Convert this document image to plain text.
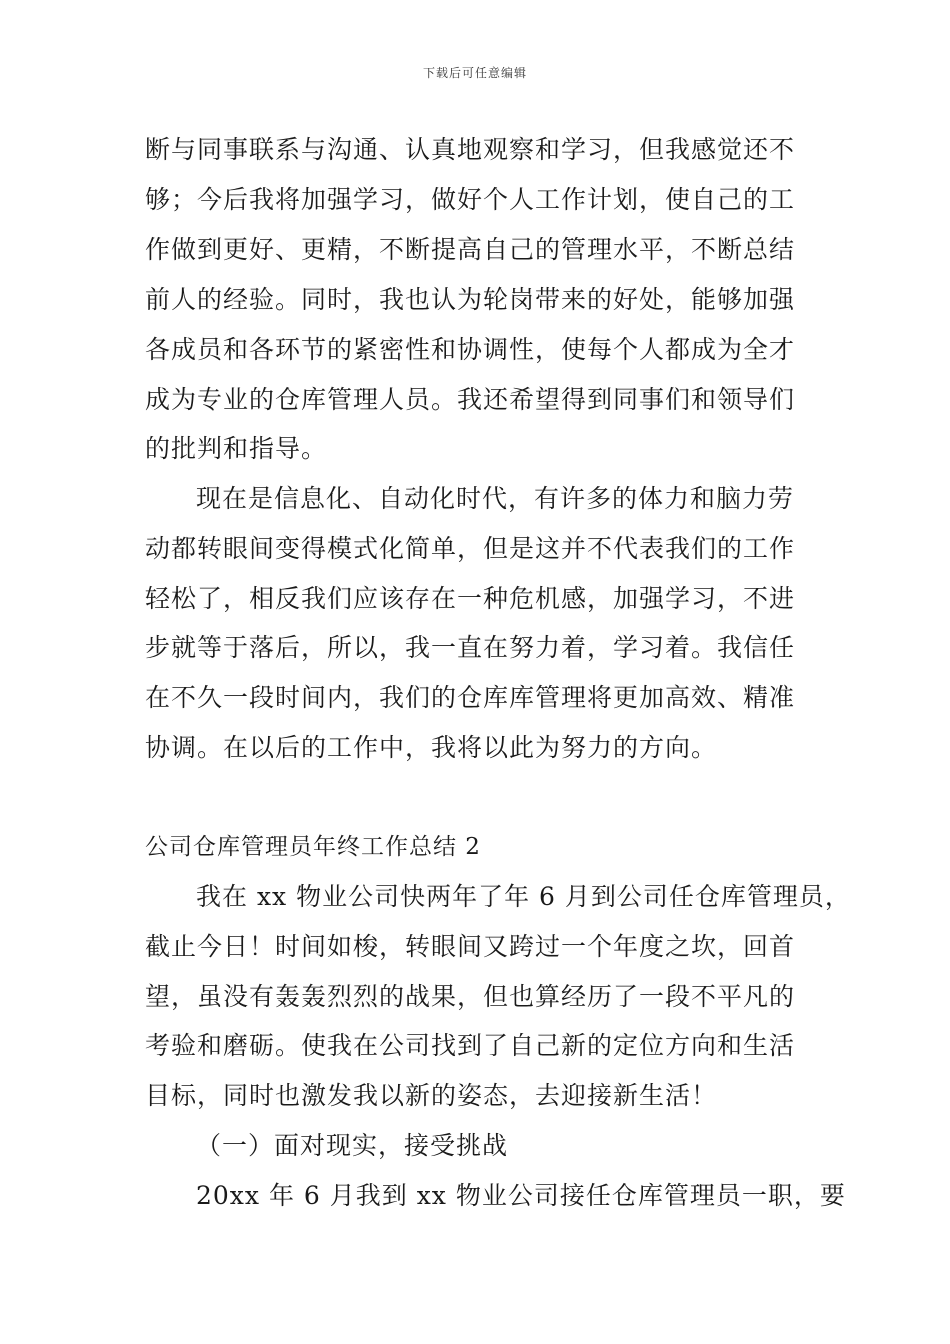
下载后可任意编辑
断与同事联系与沟通、认真地观察和学习，但我感觉还不
够；今后我将加强学习，做好个人工作计划，使自己的工
作做到更好、更精，不断提高自己的管理水平，不断总结
前人的经验。同时，我也认为轮岗带来的好处，能够加强
各成员和各环节的紧密性和协调性，使每个人都成为全才
成为专业的仓库管理人员。我还希望得到同事们和领导们
的批判和指导。
现在是信息化、自动化时代，有许多的体力和脑力劳
动都转眼间变得模式化简单，但是这并不代表我们的工作
轻松了，相反我们应该存在一种危机感，加强学习，不进
步就等于落后，所以，我一直在努力着，学习着。我信任
在不久一段时间内，我们的仓库库管理将更加高效、精准
协调。在以后的工作中，我将以此为努力的方向。
公司仓库管理员年终工作总结 2
我在 xx 物业公司快两年了年 6 月到公司任仓库管理员，
截止今日！时间如梭，转眼间又跨过一个年度之坎，回首
望，虽没有轰轰烈烈的战果，但也算经历了一段不平凡的
考验和磨砺。使我在公司找到了自己新的定位方向和生活
目标，同时也激发我以新的姿态，去迎接新生活！
（一）面对现实，接受挑战
20xx 年 6 月我到 xx 物业公司接任仓库管理员一职，要
